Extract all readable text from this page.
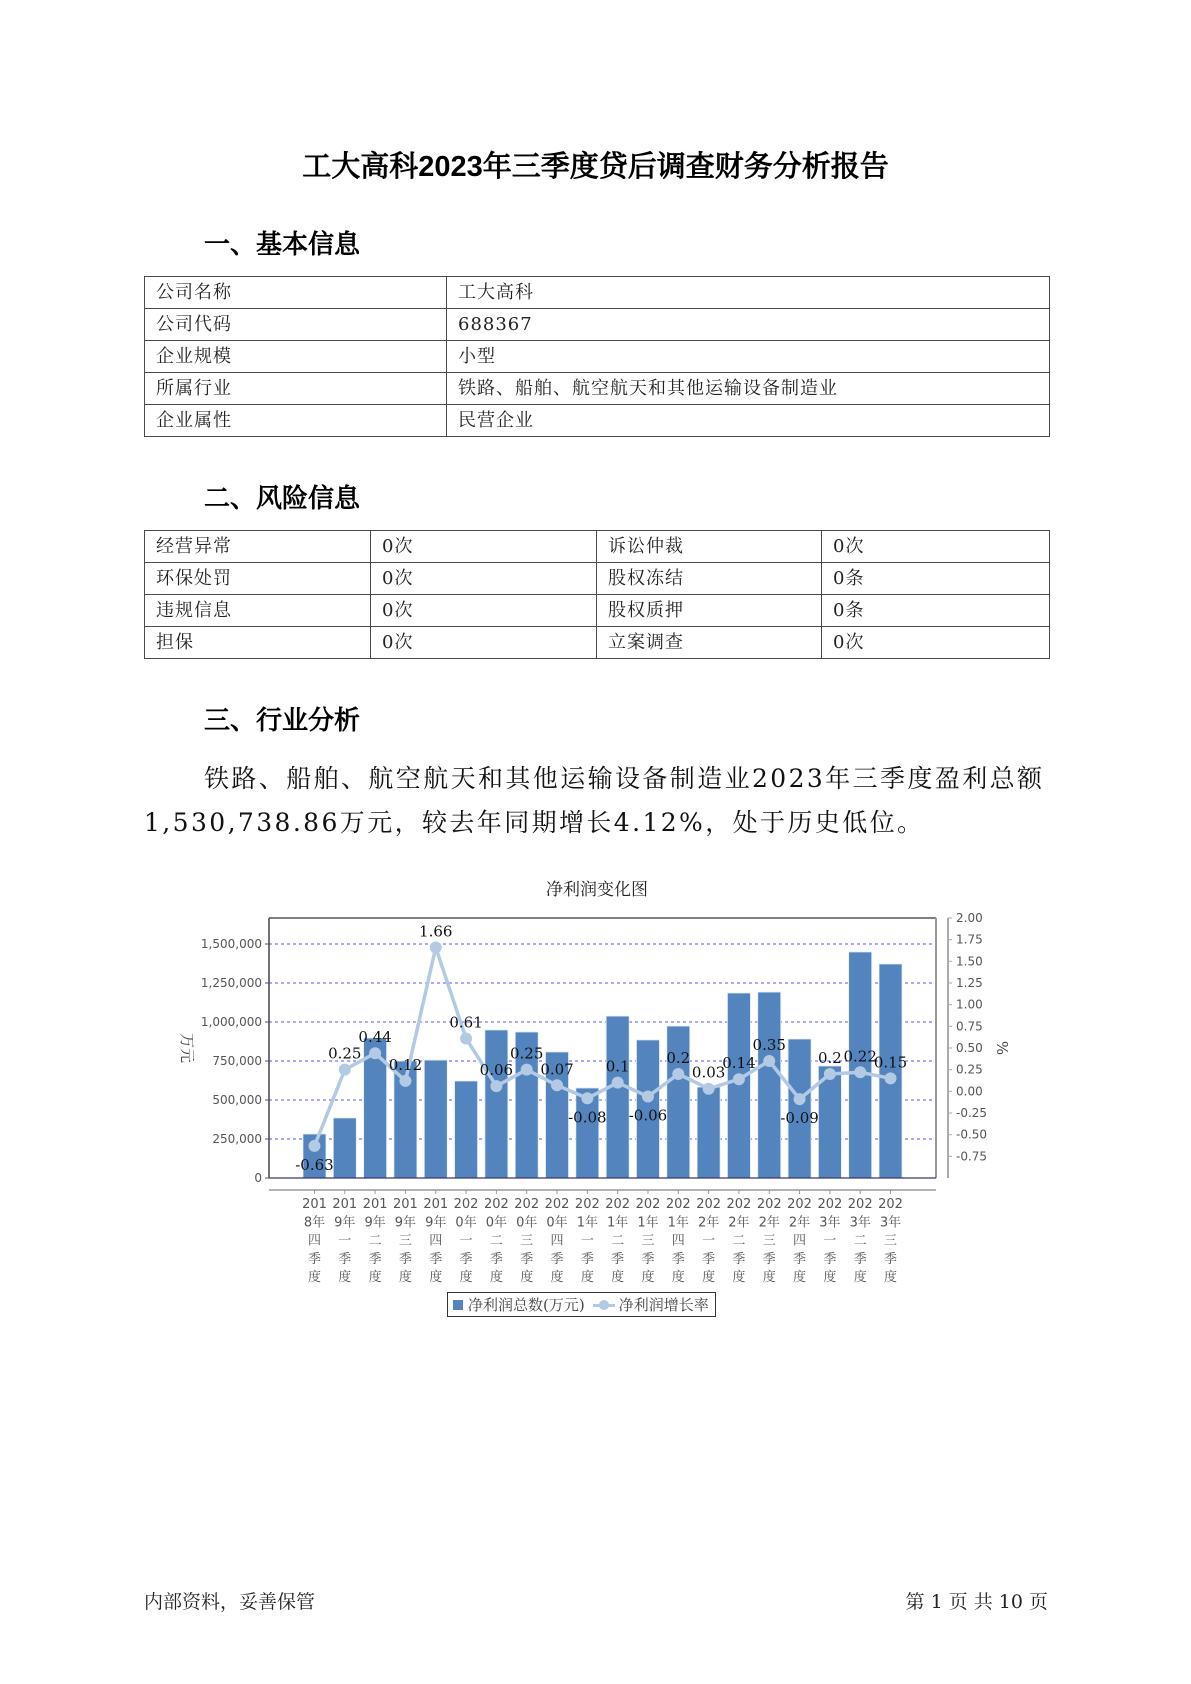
工大高科2023年三季度贷后调查财务分析报告
一、基本信息
公司名称	工大高科
公司代码	688367
企业规模	小型
所属行业	铁路、船舶、航空航天和其他运输设备制造业
企业属性	民营企业
二、风险信息
经营异常	0次	诉讼仲裁	0次
环保处罚	0次	股权冻结	0条
违规信息	0次	股权质押	0条
担保	0次	立案调查	0次
三、行业分析
铁路、船舶、航空航天和其他运输设备制造业2023年三季度盈利总额
1,530,738.86万元，较去年同期增长4.12%，处于历史低位。
净利润变化图
万元	%
0
250,000
500,000
750,000
1,000,000
1,250,000
1,500,000
-0.75
-0.50
-0.25
0.00
0.25
0.50
0.75
1.00
1.25
1.50
1.75
2.00
-0.63
0.25
0.44
0.12
1.66
0.61
0.06
0.25
0.07
-0.08
0.1
-0.06
0.2
0.03
0.14
0.35
-0.09
0.2 0.22
0.15
201 8年四季度
201 9年一季度
201 9年二季度
201 9年三季度
201 9年四季度
202 0年一季度
202 0年二季度
202 0年三季度
202 0年四季度
202 1年一季度
202 1年二季度
202 1年三季度
202 1年四季度
202 2年一季度
202 2年二季度
202 2年三季度
202 2年四季度
202 3年一季度
202 3年二季度
202 3年三季度
净利润总数(万元) 净利润增长率
内部资料，妥善保管	第 1 页 共 10 页
